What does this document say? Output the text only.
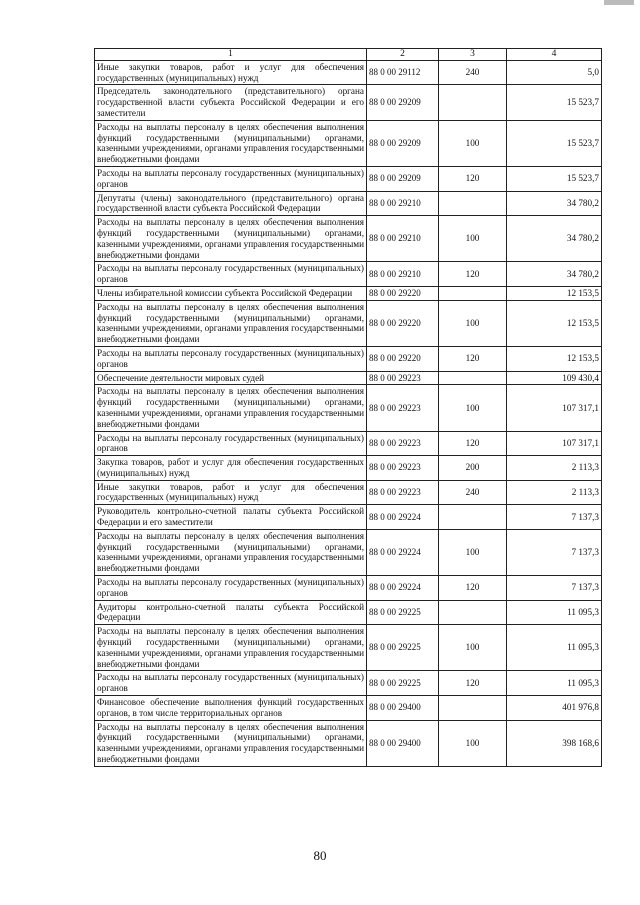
1	2	3	4
Иные закупки товаров, работ и услуг для обеспечения государственных (муниципальных) нужд	88 0 00 29112	240	5,0
Председатель законодательного (представительного) органа государственной власти субъекта Российской Федерации и его заместители	88 0 00 29209		15 523,7
Расходы на выплаты персоналу в целях обеспечения выполнения функций государственными (муниципальными) органами, казенными учреждениями, органами управления государственными внебюджетными фондами	88 0 00 29209	100	15 523,7
Расходы на выплаты персоналу государственных (муниципальных) органов	88 0 00 29209	120	15 523,7
Депутаты (члены) законодательного (представительного) органа государственной власти субъекта Российской Федерации	88 0 00 29210		34 780,2
Расходы на выплаты персоналу в целях обеспечения выполнения функций государственными (муниципальными) органами, казенными учреждениями, органами управления государственными внебюджетными фондами	88 0 00 29210	100	34 780,2
Расходы на выплаты персоналу государственных (муниципальных) органов	88 0 00 29210	120	34 780,2
Члены избирательной комиссии субъекта Российской Федерации	88 0 00 29220		12 153,5
Расходы на выплаты персоналу в целях обеспечения выполнения функций государственными (муниципальными) органами, казенными учреждениями, органами управления государственными внебюджетными фондами	88 0 00 29220	100	12 153,5
Расходы на выплаты персоналу государственных (муниципальных) органов	88 0 00 29220	120	12 153,5
Обеспечение деятельности мировых судей	88 0 00 29223		109 430,4
Расходы на выплаты персоналу в целях обеспечения выполнения функций государственными (муниципальными) органами, казенными учреждениями, органами управления государственными внебюджетными фондами	88 0 00 29223	100	107 317,1
Расходы на выплаты персоналу государственных (муниципальных) органов	88 0 00 29223	120	107 317,1
Закупка товаров, работ и услуг для обеспечения государственных (муниципальных) нужд	88 0 00 29223	200	2 113,3
Иные закупки товаров, работ и услуг для обеспечения государственных (муниципальных) нужд	88 0 00 29223	240	2 113,3
Руководитель контрольно-счетной палаты субъекта Российской Федерации и его заместители	88 0 00 29224		7 137,3
Расходы на выплаты персоналу в целях обеспечения выполнения функций государственными (муниципальными) органами, казенными учреждениями, органами управления государственными внебюджетными фондами	88 0 00 29224	100	7 137,3
Расходы на выплаты персоналу государственных (муниципальных) органов	88 0 00 29224	120	7 137,3
Аудиторы контрольно-счетной палаты субъекта Российской Федерации	88 0 00 29225		11 095,3
Расходы на выплаты персоналу в целях обеспечения выполнения функций государственными (муниципальными) органами, казенными учреждениями, органами управления государственными внебюджетными фондами	88 0 00 29225	100	11 095,3
Расходы на выплаты персоналу государственных (муниципальных) органов	88 0 00 29225	120	11 095,3
Финансовое обеспечение выполнения функций государственных органов, в том числе территориальных органов	88 0 00 29400		401 976,8
Расходы на выплаты персоналу в целях обеспечения выполнения функций государственными (муниципальными) органами, казенными учреждениями, органами управления государственными внебюджетными фондами	88 0 00 29400	100	398 168,6
80
